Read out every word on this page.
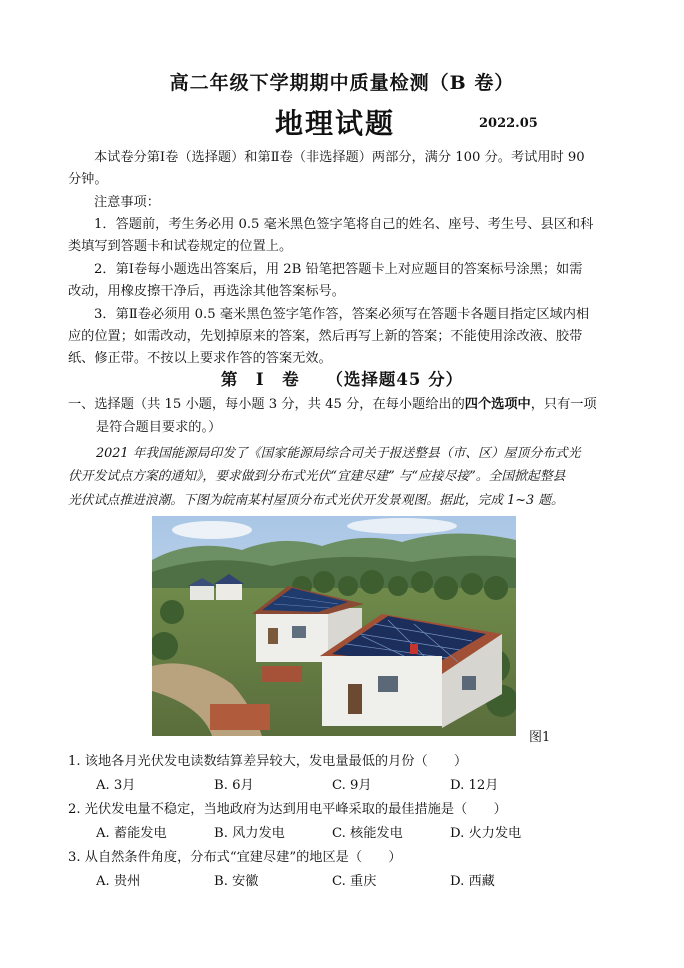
高二年级下学期期中质量检测（B 卷）
地理试题	2022.05
本试卷分第Ⅰ卷（选择题）和第Ⅱ卷（非选择题）两部分，满分 100 分。考试用时 90
分钟。
注意事项：
1．答题前，考生务必用 0.5 毫米黑色签字笔将自己的姓名、座号、考生号、县区和科
类填写到答题卡和试卷规定的位置上。
2．第Ⅰ卷每小题选出答案后，用 2B 铅笔把答题卡上对应题目的答案标号涂黑；如需
改动，用橡皮擦干净后，再选涂其他答案标号。
3．第Ⅱ卷必须用 0.5 毫米黑色签字笔作答，答案必须写在答题卡各题目指定区域内相
应的位置；如需改动，先划掉原来的答案，然后再写上新的答案；不能使用涂改液、胶带
纸、修正带。不按以上要求作答的答案无效。
第　Ⅰ　卷　　（选择题45 分）
一、选择题（共 15 小题，每小题 3 分，共 45 分，在每小题给出的四个选项中，只有一项
是符合题目要求的。）
2021 年我国能源局印发了《国家能源局综合司关于报送整县（市、区）屋顶分布式光
伏开发试点方案的通知》，要求做到分布式光伏“宜建尽建” 与“应接尽接”。全国掀起整县
光伏试点推进浪潮。下图为皖南某村屋顶分布式光伏开发景观图。据此，完成 1~3 题。
图1
1. 该地各月光伏发电读数结算差异较大，发电量最低的月份（　　）
A. 3月	B. 6月	C. 9月	D. 12月
2. 光伏发电量不稳定，当地政府为达到用电平峰采取的最佳措施是（　　）
A. 蓄能发电	B. 风力发电	C. 核能发电	D. 火力发电
3. 从自然条件角度，分布式“宜建尽建”的地区是（　　）
A. 贵州	B. 安徽	C. 重庆	D. 西藏
